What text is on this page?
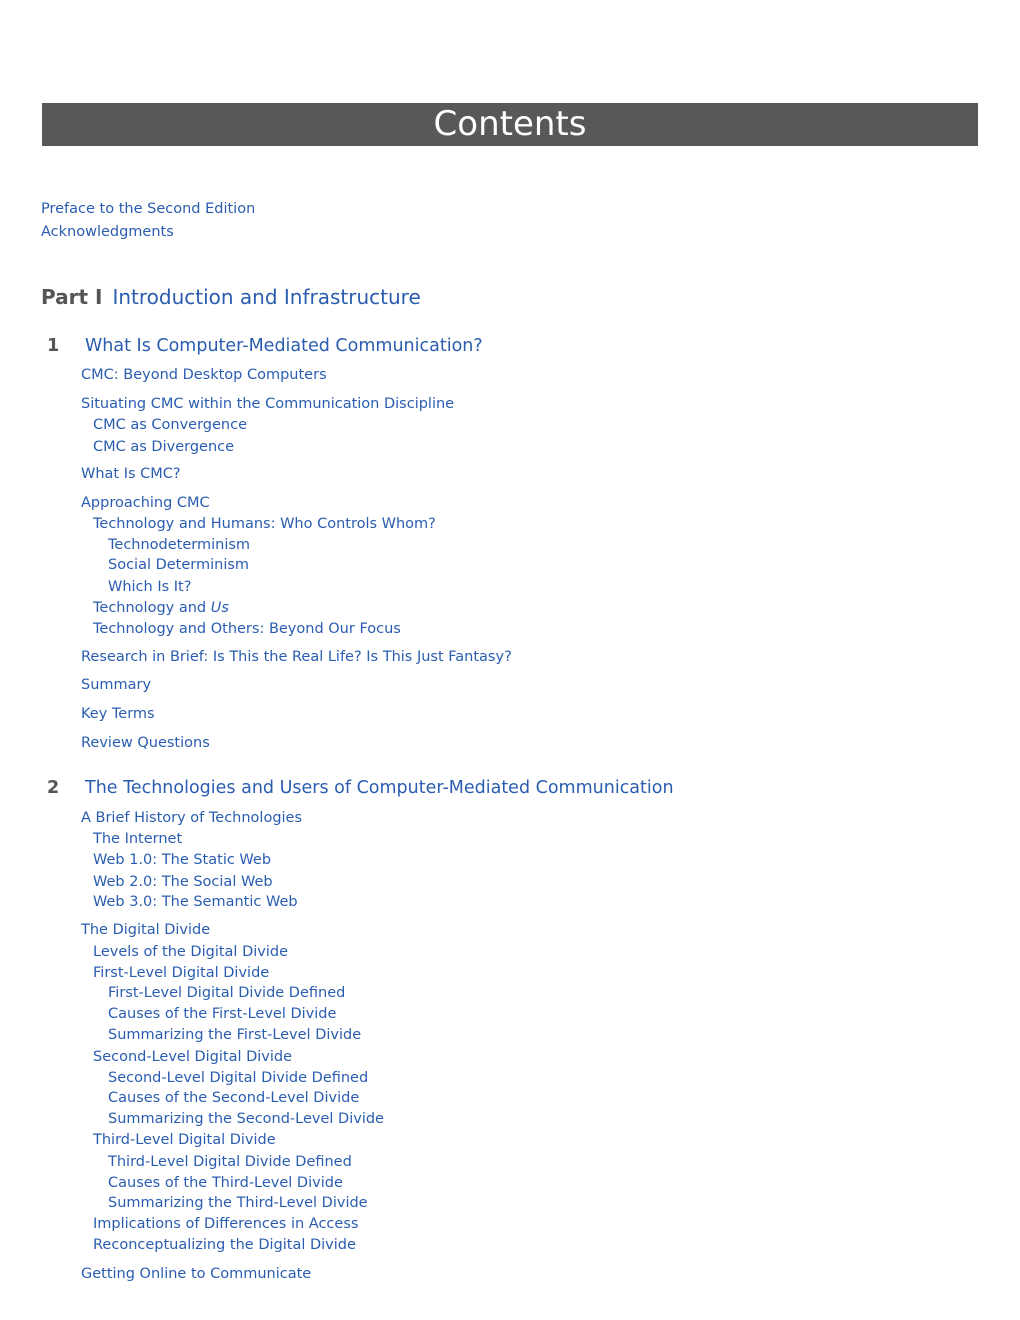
Contents
Preface to the Second Edition
Acknowledgments
Part I Introduction and Infrastructure
1 What Is Computer-Mediated Communication?
CMC: Beyond Desktop Computers
Situating CMC within the Communication Discipline
CMC as Convergence
CMC as Divergence
What Is CMC?
Approaching CMC
Technology and Humans: Who Controls Whom?
Technodeterminism
Social Determinism
Which Is It?
Technology and Us
Technology and Others: Beyond Our Focus
Research in Brief: Is This the Real Life? Is This Just Fantasy?
Summary
Key Terms
Review Questions
2 The Technologies and Users of Computer-Mediated Communication
A Brief History of Technologies
The Internet
Web 1.0: The Static Web
Web 2.0: The Social Web
Web 3.0: The Semantic Web
The Digital Divide
Levels of the Digital Divide
First-Level Digital Divide
First-Level Digital Divide Defined
Causes of the First-Level Divide
Summarizing the First-Level Divide
Second-Level Digital Divide
Second-Level Digital Divide Defined
Causes of the Second-Level Divide
Summarizing the Second-Level Divide
Third-Level Digital Divide
Third-Level Digital Divide Defined
Causes of the Third-Level Divide
Summarizing the Third-Level Divide
Implications of Differences in Access
Reconceptualizing the Digital Divide
Getting Online to Communicate
